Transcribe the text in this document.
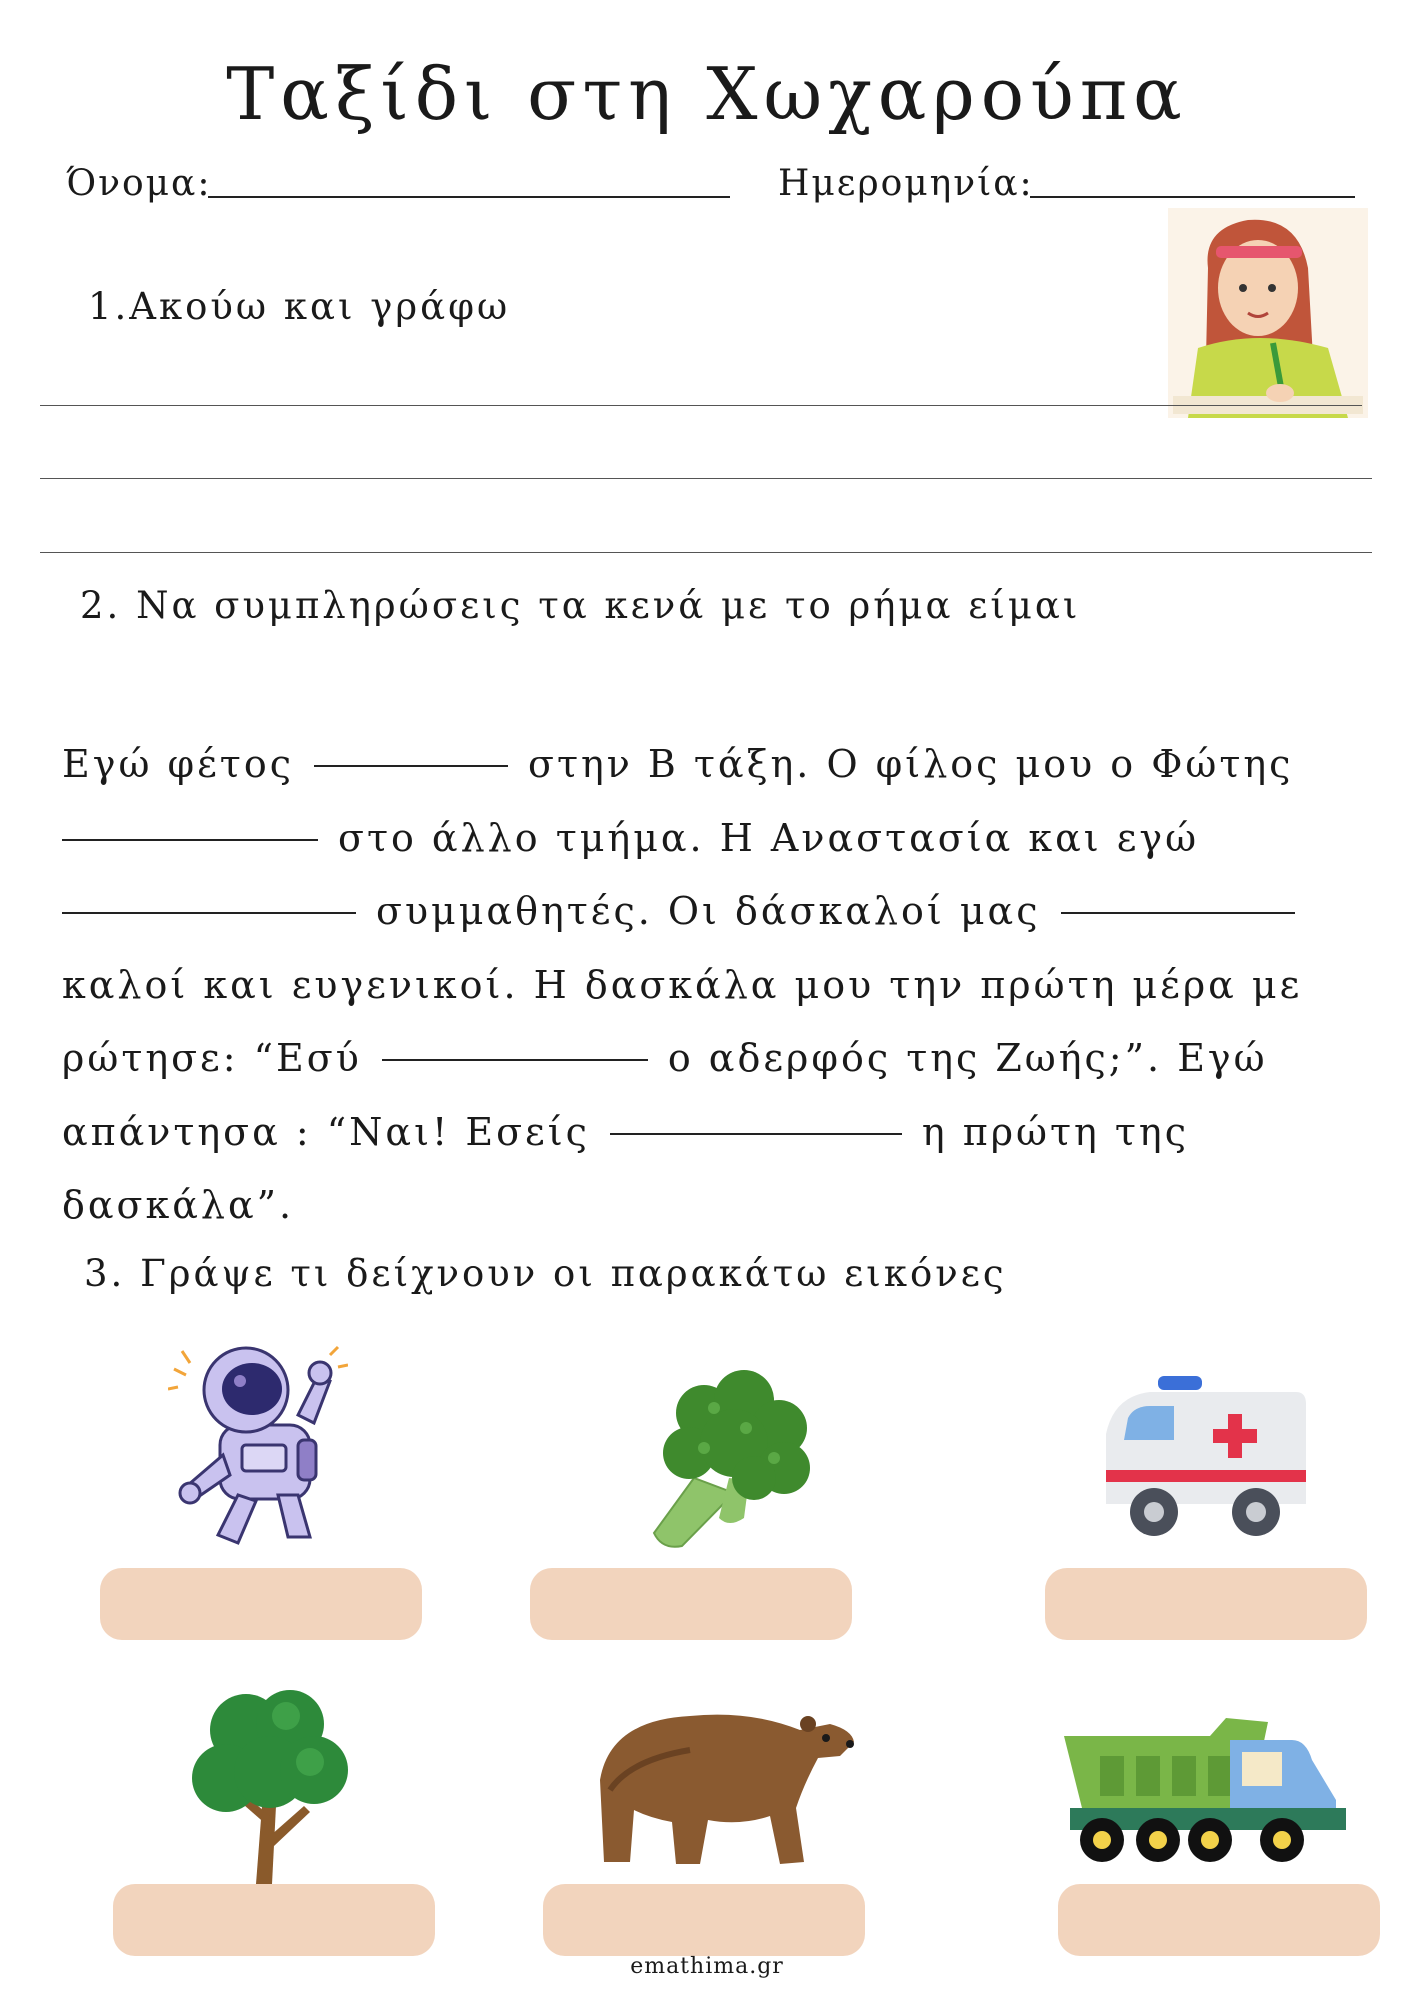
Ταξίδι στη Χωχαρούπα
Όνομα:	Ημερομηνία:
1.Ακούω και γράφω
2. Να συμπληρώσεις τα κενά με το ρήμα είμαι
Εγώ φέτος	στην Β τάξη. Ο φίλος μου ο Φώτης
στο άλλο τμήμα. Η Αναστασία και εγώ
συμμαθητές. Οι δάσκαλοί μας
καλοί και ευγενικοί. Η δασκάλα μου την πρώτη μέρα με
ρώτησε: “Εσύ	ο αδερφός της Ζωής;”. Εγώ
απάντησα : “Ναι! Εσείς	η πρώτη της
δασκάλα”.
3. Γράψε τι δείχνουν οι παρακάτω εικόνες
emathima.gr
